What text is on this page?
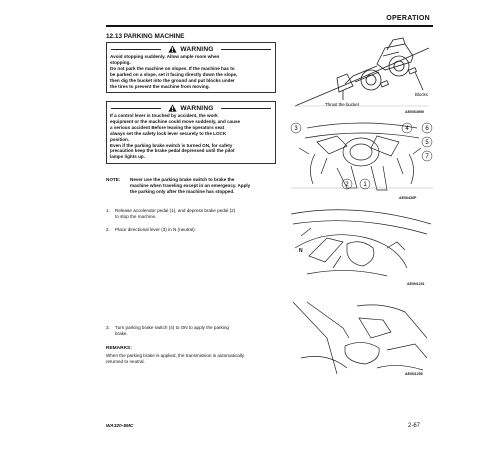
OPERATION
12.13 PARKING MACHINE
WARNING

Avoid stopping suddenly. Allow ample room when

stopping.

Do not park the machine on slopes. If the machine has to

be parked on a slope, set it facing directly down the slope,

then dig the bucket into the ground and put blocks under

the tires to prevent the machine from moving.

WARNING

If a control lever is touched by accident, the work

equipment or the machine could move suddenly, and cause

a serious accident Before leaving the operators seat

always set the safety lock lever securely to the LOCK

position.

Even if the parking brake switch is turned ON, for safety

precaution keep the brake pedal depressed until the pilot

lamps lights up.

NOTE: Never use the parking brake switch to brake the
machine when traveling except in an emergency. Apply
the parking only after the machine has stopped.
1. Release accelerator pedal (1), and depress brake pedal (2)
to stop the machine.
2. Place directional lever (3) in N (neutral).
3. Turn parking brake switch (4) to ON to apply the parking
brake.
REMARKS:
When the parking brake is applied, the transmission is automatically
returned to neutral.
Blocks
Thrust the bucket
AE0064950
3	4	6
5
7
2 1
AE06430P
N
AE0N1231
AE0N1255
WA320-5MC	2-67
